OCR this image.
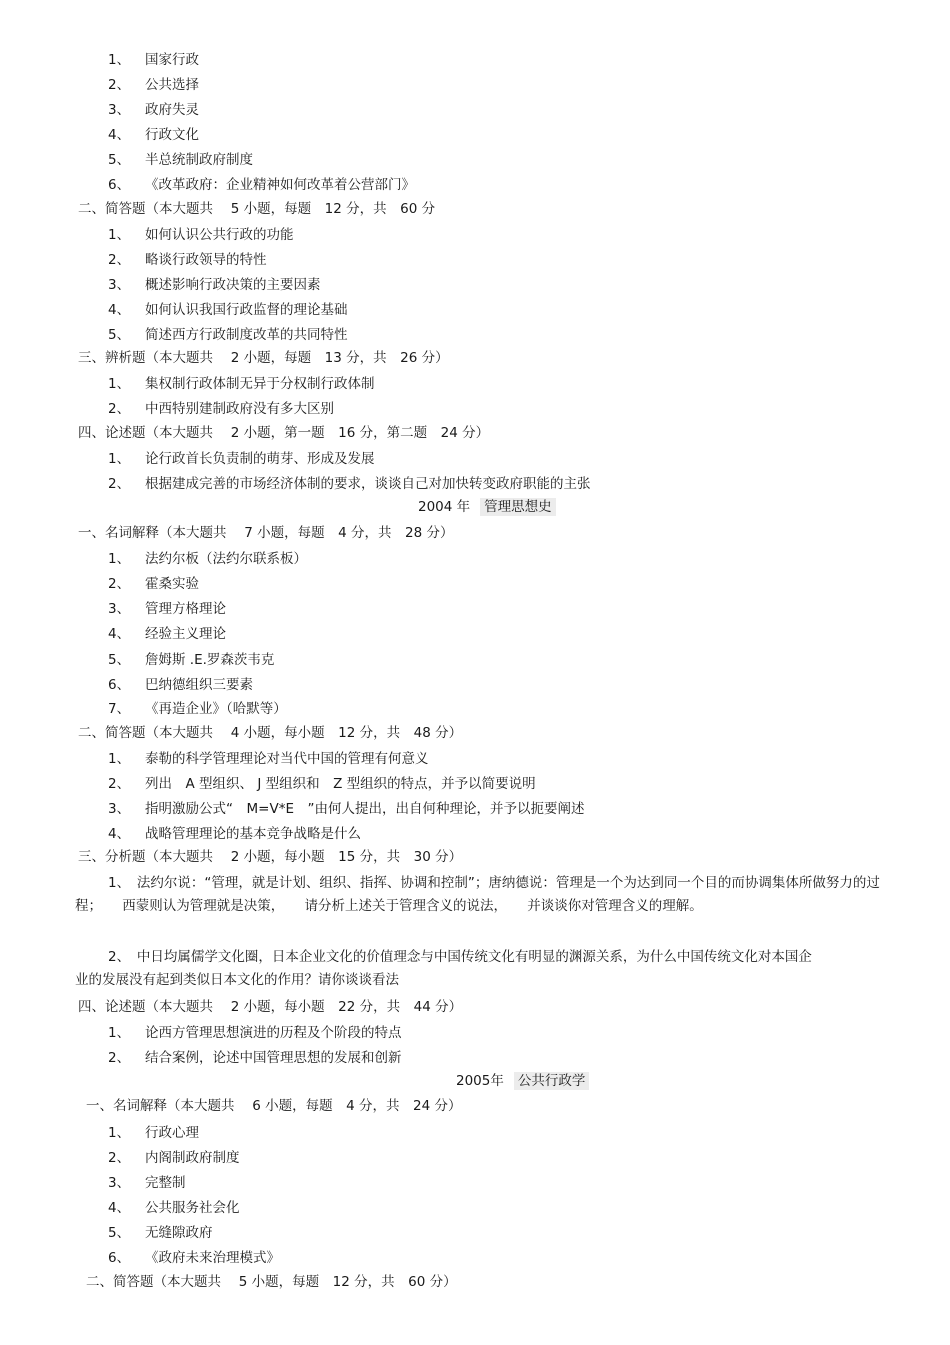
1、 国家行政
2、 公共选择
3、 政府失灵
4、 行政文化
5、 半总统制政府制度
6、 《改革政府：企业精神如何改革着公营部门》
二、简答题（本大题共　 5 小题，每题　12 分，共　60 分
1、 如何认识公共行政的功能
2、 略谈行政领导的特性
3、 概述影响行政决策的主要因素
4、 如何认识我国行政监督的理论基础
5、 简述西方行政制度改革的共同特性
三、辨析题（本大题共　 2 小题，每题　13 分，共　26 分）
1、 集权制行政体制无异于分权制行政体制
2、 中西特别建制政府没有多大区别
四、论述题（本大题共　 2 小题，第一题　16 分，第二题　24 分）
1、 论行政首长负责制的萌芽、形成及发展
2、 根据建成完善的市场经济体制的要求，谈谈自己对加快转变政府职能的主张
2004 年 管理思想史
一、名词解释（本大题共　 7 小题，每题　4 分，共　28 分）
1、 法约尔板（法约尔联系板）
2、 霍桑实验
3、 管理方格理论
4、 经验主义理论
5、 詹姆斯 .E.罗森茨韦克
6、 巴纳德组织三要素
7、 《再造企业》（哈默等）
二、简答题（本大题共　 4 小题，每小题　12 分，共　48 分）
1、 泰勒的科学管理理论对当代中国的管理有何意义
2、 列出　A 型组织、 J 型组织和　Z 型组织的特点，并予以简要说明
3、 指明激励公式“　M=V*E　”由何人提出，出自何种理论，并予以扼要阐述
4、 战略管理理论的基本竞争战略是什么
三、分析题（本大题共　 2 小题，每小题　15 分，共　30 分）
1、　法约尔说：“管理，就是计划、组织、指挥、协调和控制”；唐纳德说：管理是一个为达到同一个目的而协调集体所做努力的过程；　　西蒙则认为管理就是决策，　　请分析上述关于管理含义的说法，　　并谈谈你对管理含义的理解。
2、　中日均属儒学文化圈，日本企业文化的价值理念与中国传统文化有明显的渊源关系，为什么中国传统文化对本国企业的发展没有起到类似日本文化的作用？请你谈谈看法
四、论述题（本大题共　 2 小题，每小题　22 分，共　44 分）
1、 论西方管理思想演进的历程及个阶段的特点
2、 结合案例，论述中国管理思想的发展和创新
2005年 公共行政学
一、名词解释（本大题共　 6 小题，每题　4 分，共　24 分）
1、 行政心理
2、 内阁制政府制度
3、 完整制
4、 公共服务社会化
5、 无缝隙政府
6、 《政府未来治理模式》
二、简答题（本大题共　 5 小题，每题　12 分，共　60 分）
